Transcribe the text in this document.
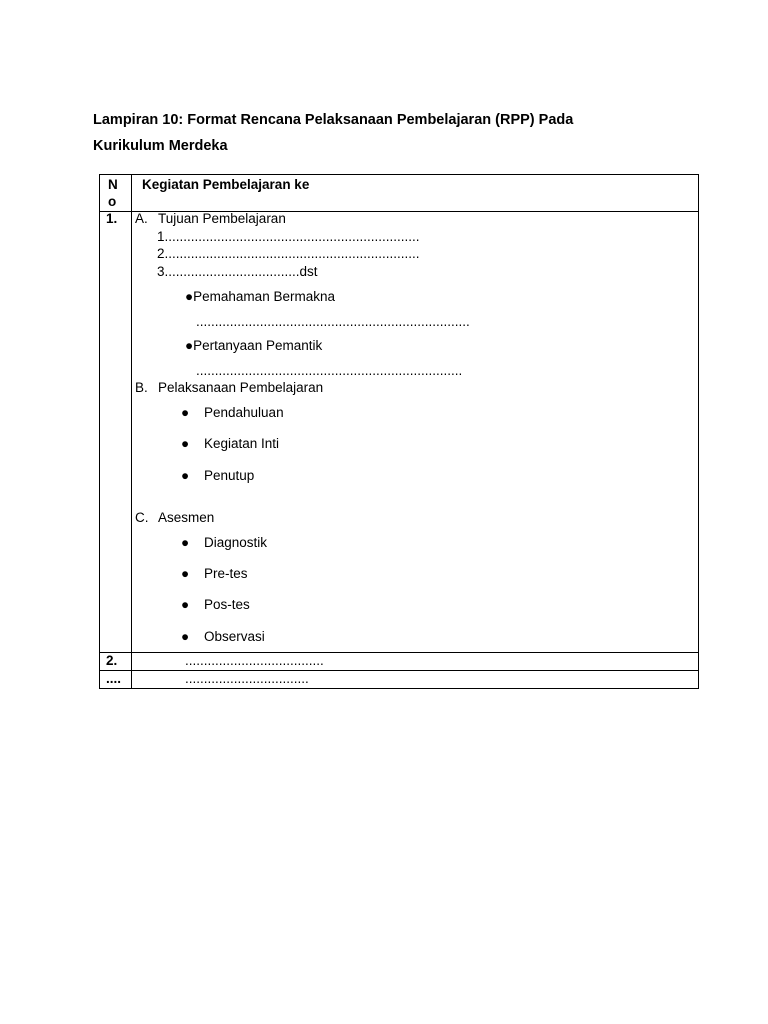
Lampiran 10: Format Rencana Pelaksanaan Pembelajaran (RPP) Pada
Kurikulum Merdeka
N
o
Kegiatan Pembelajaran ke
1. A. Tujuan Pembelajaran
1....................................................................
2....................................................................
3....................................dst
●Pemahaman Bermakna
.........................................................................
●Pertanyaan Pemantik
.......................................................................
B. Pelaksanaan Pembelajaran
● Pendahuluan
● Kegiatan Inti
● Penutup
C. Asesmen
● Diagnostik
● Pre-tes
● Pos-tes
● Observasi
2.	.....................................
....	.................................
